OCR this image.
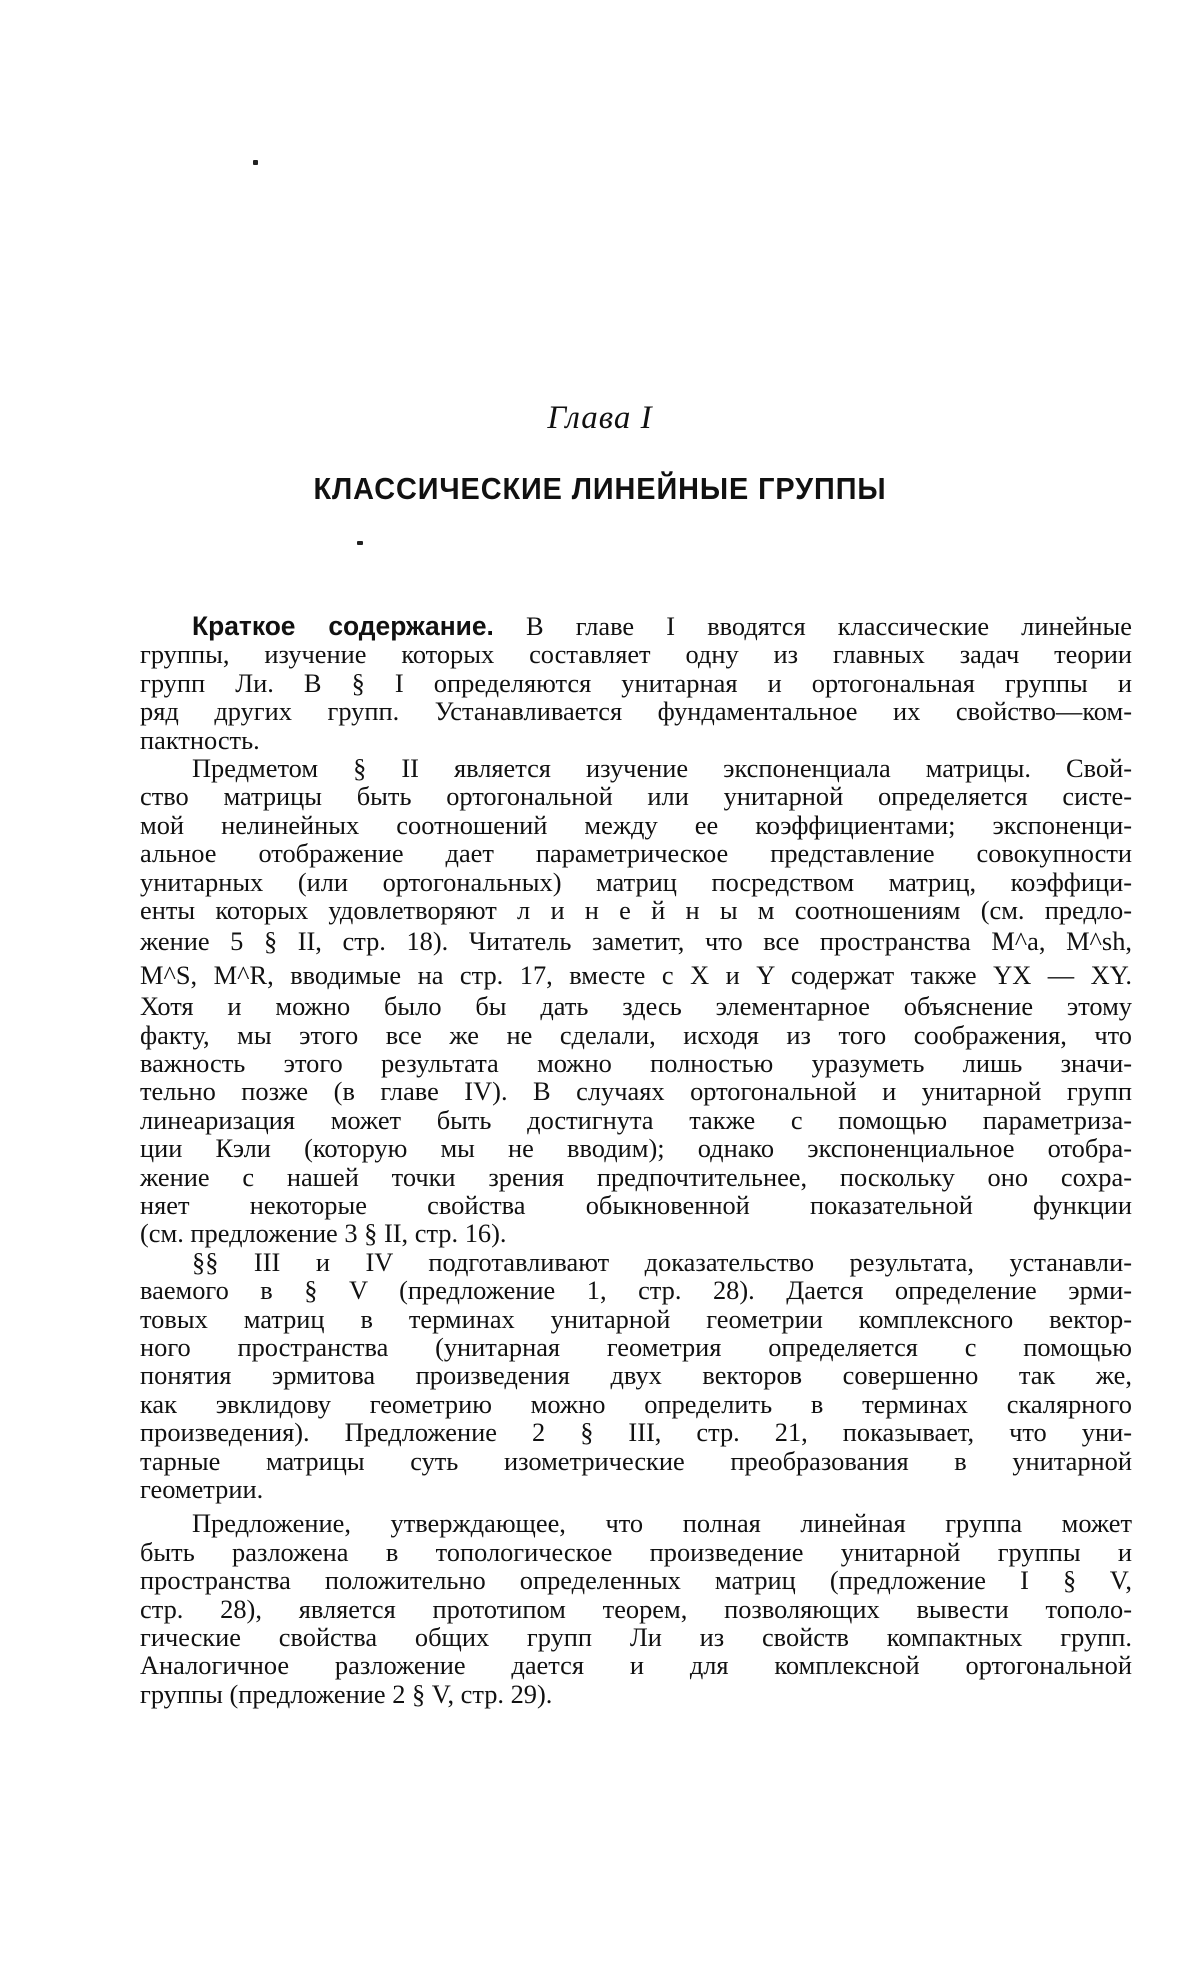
Глава I
КЛАССИЧЕСКИЕ ЛИНЕЙНЫЕ ГРУППЫ
Краткое содержание. В главе I вводятся классические линейные
группы, изучение которых составляет одну из главных задач теории
групп Ли. В § I определяются унитарная и ортогональная группы и
ряд других групп. Устанавливается фундаментальное их свойство—ком-
пактность.
Предметом § II является изучение экспоненциала матрицы. Свой-
ство матрицы быть ортогональной или унитарной определяется систе-
мой нелинейных соотношений между ее коэффициентами; экспоненци-
альное отображение дает параметрическое представление совокупности
унитарных (или ортогональных) матриц посредством матриц, коэффици-
енты которых удовлетворяют л и н е й н ы м соотношениям (см. предло-
жение 5 § II, стр. 18). Читатель заметит, что все пространства M^a, M^sh,
M^S, M^R, вводимые на стр. 17, вместе с X и Y содержат также YX — XY.
Хотя и можно было бы дать здесь элементарное объяснение этому
факту, мы этого все же не сделали, исходя из того соображения, что
важность этого результата можно полностью уразуметь лишь значи-
тельно позже (в главе IV). В случаях ортогональной и унитарной групп
линеаризация может быть достигнута также с помощью параметриза-
ции Кэли (которую мы не вводим); однако экспоненциальное отобра-
жение с нашей точки зрения предпочтительнее, поскольку оно сохра-
няет некоторые свойства обыкновенной показательной функции
(см. предложение 3 § II, стр. 16).
§§ III и IV подготавливают доказательство результата, устанавли-
ваемого в § V (предложение 1, стр. 28). Дается определение эрми-
товых матриц в терминах унитарной геометрии комплексного вектор-
ного пространства (унитарная геометрия определяется с помощью
понятия эрмитова произведения двух векторов совершенно так же,
как эвклидову геометрию можно определить в терминах скалярного
произведения). Предложение 2 § III, стр. 21, показывает, что уни-
тарные матрицы суть изометрические преобразования в унитарной
геометрии.
Предложение, утверждающее, что полная линейная группа может
быть разложена в топологическое произведение унитарной группы и
пространства положительно определенных матриц (предложение I § V,
стр. 28), является прототипом теорем, позволяющих вывести тополо-
гические свойства общих групп Ли из свойств компактных групп.
Аналогичное разложение дается и для комплексной ортогональной
группы (предложение 2 § V, стр. 29).
